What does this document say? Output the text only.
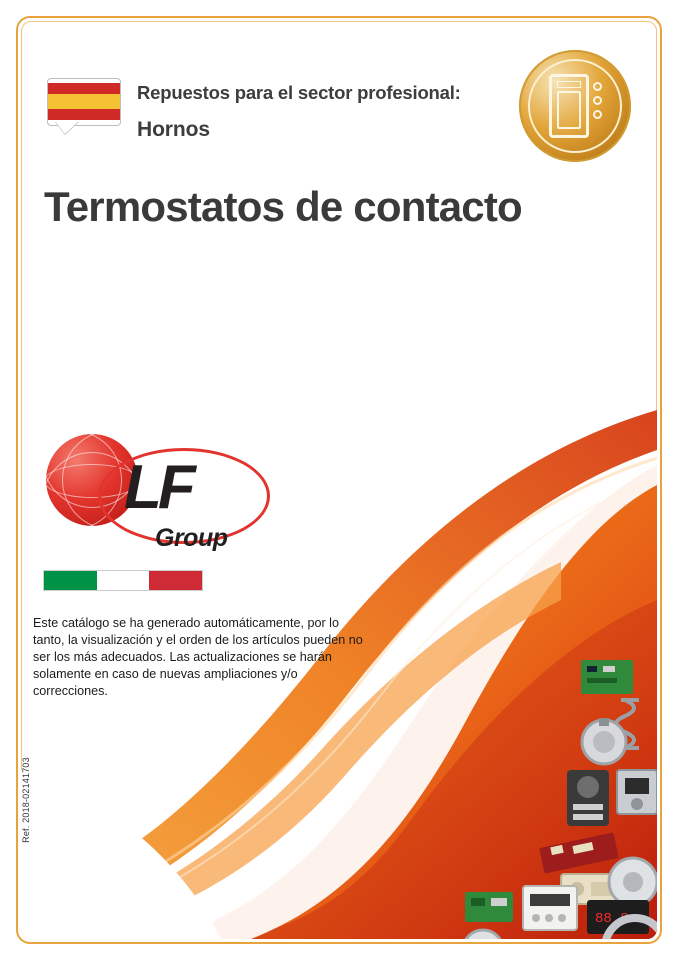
Repuestos para el sector profesional:
Hornos
Termostatos de contacto
88.8
LF
Group
Este catálogo se ha generado automáticamente, por lo tanto, la visualización y el orden de los artículos pueden no ser los más adecuados. Las actualizaciones se harán solamente en caso de nuevas ampliaciones y/o correcciones.
Ref. 2018-02141703
